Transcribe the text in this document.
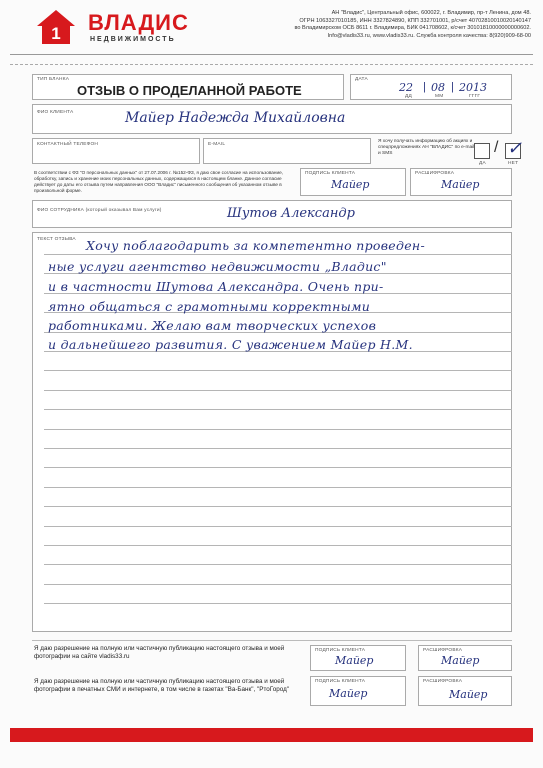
1 ВЛАДИС
НЕДВИЖИМОСТЬ
АН "Владис", Центральный офис, 600022, г. Владимир, пр-т Ленина, дом 48.
ОГРН 1063327010185, ИНН 3327824890, КПП 332701001, р/счет 40702810010020140147
во Владимирском ОСБ 8611 г. Владимира, БИК 041708602, к/счет 30101810000000000602.
Info@vladis33.ru, www.vladis33.ru. Служба контроля качества: 8(920)909-68-00
ТИП БЛАНКА
ОТЗЫВ О ПРОДЕЛАННОЙ РАБОТЕ
ДАТА
22 | 08 | 2013
ДД	ММ	ГГГГ
ФИО КЛИЕНТА	Майер Надежда Михайловна
КОНТАКТНЫЙ ТЕЛЕФОН	E-MAIL
Я хочу получать информацию об акциях и спецпредложениях АН "ВЛАДИС" по e-mail и SMS	/ ✓
ДА	НЕТ
В соответствии с ФЗ "О персональных данных" от 27.07.2006 г. №152-ФЗ, я даю свое согласие на использование, обработку, запись и хранение моих персональных данных, содержащихся в настоящем бланке. Данное согласие действует до даты его отзыва путем направления ООО "Владис" письменного сообщения об указанном отзыве в произвольной форме.
ПОДПИСЬ КЛИЕНТА
Майер
РАСШИФРОВКА
Майер
ФИО СОТРУДНИКА (который оказывал Вам услуги)	Шутов Александр
ТЕКСТ ОТЗЫВА Хочу поблагодарить за компетентно проведен-
ные услуги агентство недвижимости „Владис"
и в частности Шутова Александра. Очень при-
ятно общаться с грамотными корректными
работниками. Желаю вам творческих успехов
и дальнейшего развития. С уважением Майер Н.М.
Я даю разрешение на полную или частичную публикацию настоящего отзыва и моей фотографии на сайте vladis33.ru
ПОДПИСЬ КЛИЕНТА
Майер
РАСШИФРОВКА
Майер
Я даю разрешение на полную или частичную публикацию настоящего отзыва и моей фотографии в печатных СМИ и интернете, в том числе в газетах "Ва-Банк", "РтоГород"
ПОДПИСЬ КЛИЕНТА
Майер
РАСШИФРОВКА
Майер
